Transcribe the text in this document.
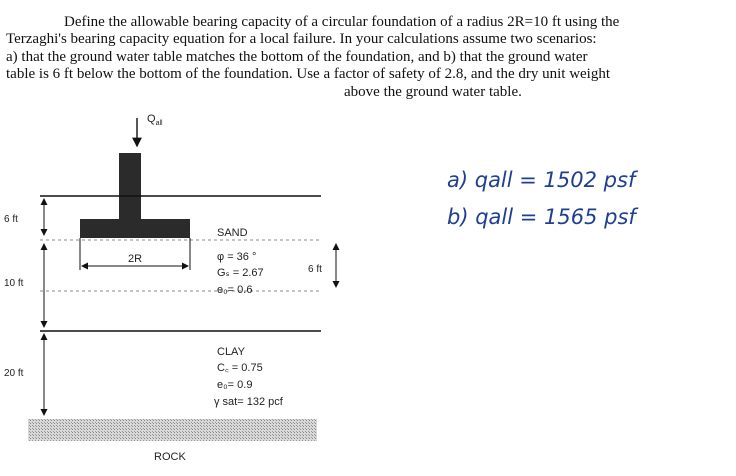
Define the allowable bearing capacity of a circular foundation of a radius 2R=10 ft using the
Terzaghi's bearing capacity equation for a local failure. In your calculations assume two scenarios:
a) that the ground water table matches the bottom of the foundation, and b) that the ground water
table is 6 ft below the bottom of the foundation. Use a factor of safety of 2.8, and the dry unit weight
above the ground water table.
$Q_{all}$
6 ft
10 ft
20 ft
2R
6 ft
SAND
φ = 36 °
Gₛ = 2.67
e₀= 0.6
CLAY
C꜀ = 0.75
e₀= 0.9
γ sat= 132 pcf
ROCK
a) qall = 1502 psf
b) qall = 1565 psf
